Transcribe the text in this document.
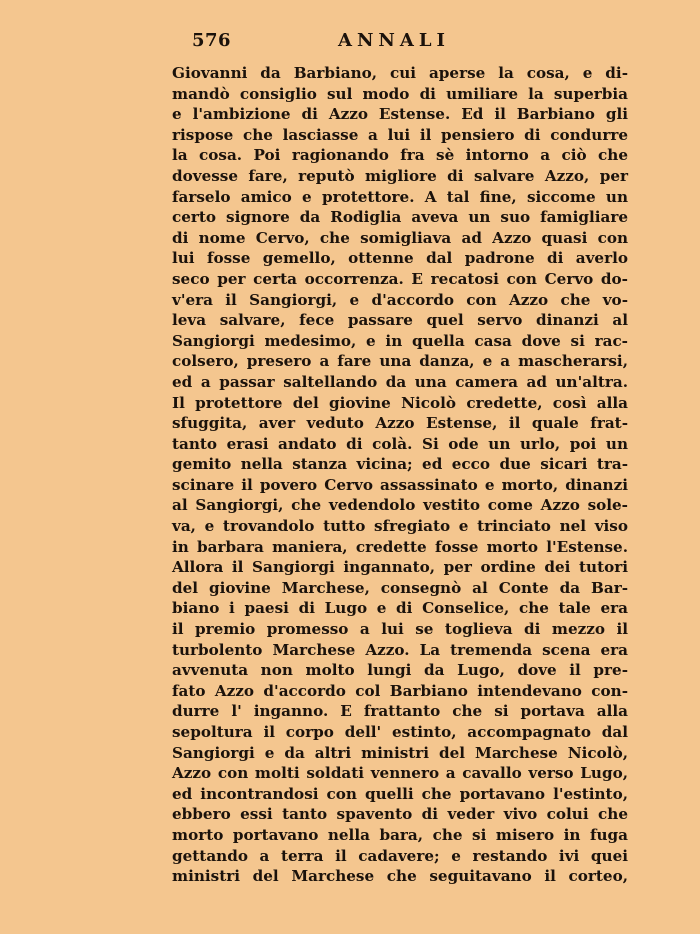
576	ANNALI
Giovanni da Barbiano, cui aperse la cosa, e di-
mandò consiglio sul modo di umiliare la superbia
e l'ambizione di Azzo Estense. Ed il Barbiano gli
rispose che lasciasse a lui il pensiero di condurre
la cosa. Poi ragionando fra sè intorno a ciò che
dovesse fare, reputò migliore di salvare Azzo, per
farselo amico e protettore. A tal fine, siccome un
certo signore da Rodiglia aveva un suo famigliare
di nome Cervo, che somigliava ad Azzo quasi con
lui fosse gemello, ottenne dal padrone di averlo
seco per certa occorrenza. E recatosi con Cervo do-
v'era il Sangiorgi, e d'accordo con Azzo che vo-
leva salvare, fece passare quel servo dinanzi al
Sangiorgi medesimo, e in quella casa dove si rac-
colsero, presero a fare una danza, e a mascherarsi,
ed a passar saltellando da una camera ad un'altra.
Il protettore del giovine Nicolò credette, così alla
sfuggita, aver veduto Azzo Estense, il quale frat-
tanto erasi andato di colà. Si ode un urlo, poi un
gemito nella stanza vicina; ed ecco due sicari tra-
scinare il povero Cervo assassinato e morto, dinanzi
al Sangiorgi, che vedendolo vestito come Azzo sole-
va, e trovandolo tutto sfregiato e trinciato nel viso
in barbara maniera, credette fosse morto l'Estense.
Allora il Sangiorgi ingannato, per ordine dei tutori
del giovine Marchese, consegnò al Conte da Bar-
biano i paesi di Lugo e di Conselice, che tale era
il premio promesso a lui se toglieva di mezzo il
turbolento Marchese Azzo. La tremenda scena era
avvenuta non molto lungi da Lugo, dove il pre-
fato Azzo d'accordo col Barbiano intendevano con-
durre l' inganno. E frattanto che si portava alla
sepoltura il corpo dell' estinto, accompagnato dal
Sangiorgi e da altri ministri del Marchese Nicolò,
Azzo con molti soldati vennero a cavallo verso Lugo,
ed incontrandosi con quelli che portavano l'estinto,
ebbero essi tanto spavento di veder vivo colui che
morto portavano nella bara, che si misero in fuga
gettando a terra il cadavere; e restando ivi quei
ministri del Marchese che seguitavano il corteo,
